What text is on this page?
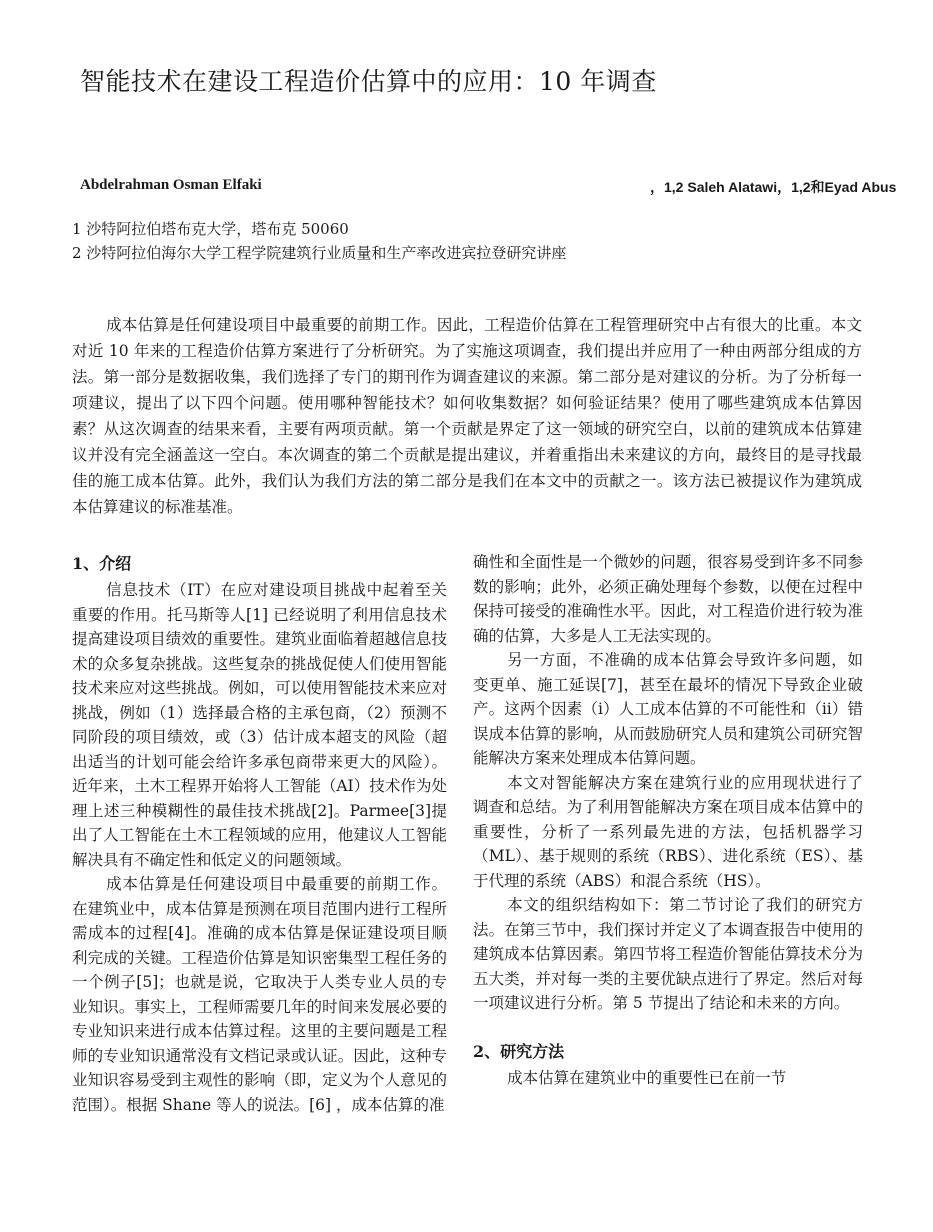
智能技术在建设工程造价估算中的应用：10 年调查
Abdelrahman Osman Elfaki	，1,2 Saleh Alatawi，1,2和Eyad Abus
1 沙特阿拉伯塔布克大学，塔布克 50060
2 沙特阿拉伯海尔大学工程学院建筑行业质量和生产率改进宾拉登研究讲座

成本估算是任何建设项目中最重要的前期工作。因此，工程造价估算在工程管理研究中占有很大的比重。本文对近 10 年来的工程造价估算方案进行了分析研究。为了实施这项调查，我们提出并应用了一种由两部分组成的方法。第一部分是数据收集，我们选择了专门的期刊作为调查建议的来源。第二部分是对建议的分析。为了分析每一项建议，提出了以下四个问题。使用哪种智能技术？如何收集数据？如何验证结果？使用了哪些建筑成本估算因素？从这次调查的结果来看，主要有两项贡献。第一个贡献是界定了这一领域的研究空白，以前的建筑成本估算建议并没有完全涵盖这一空白。本次调查的第二个贡献是提出建议，并着重指出未来建议的方向，最终目的是寻找最佳的施工成本估算。此外，我们认为我们方法的第二部分是我们在本文中的贡献之一。该方法已被提议作为建筑成本估算建议的标准基准。

1、介绍

信息技术（IT）在应对建设项目挑战中起着至关重要的作用。托马斯等人[1] 已经说明了利用信息技术提高建设项目绩效的重要性。建筑业面临着超越信息技术的众多复杂挑战。这些复杂的挑战促使人们使用智能技术来应对这些挑战。例如，可以使用智能技术来应对挑战，例如（1）选择最合格的主承包商，（2）预测不同阶段的项目绩效，或（3）估计成本超支的风险（超出适当的计划可能会给许多承包商带来更大的风险）。近年来，土木工程界开始将人工智能（AI）技术作为处理上述三种模糊性的最佳技术挑战[2]。Parmee[3]提出了人工智能在土木工程领域的应用，他建议人工智能解决具有不确定性和低定义的问题领域。

成本估算是任何建设项目中最重要的前期工作。在建筑业中，成本估算是预测在项目范围内进行工程所需成本的过程[4]。准确的成本估算是保证建设项目顺利完成的关键。工程造价估算是知识密集型工程任务的一个例子[5]；也就是说，它取决于人类专业人员的专业知识。事实上，工程师需要几年的时间来发展必要的专业知识来进行成本估算过程。这里的主要问题是工程师的专业知识通常没有文档记录或认证。因此，这种专业知识容易受到主观性的影响（即，定义为个人意见的范围）。根据 Shane 等人的说法。[6] ，成本估算的准

确性和全面性是一个微妙的问题，很容易受到许多不同参数的影响；此外，必须正确处理每个参数，以便在过程中保持可接受的准确性水平。因此，对工程造价进行较为准确的估算，大多是人工无法实现的。

另一方面，不准确的成本估算会导致许多问题，如变更单、施工延误[7]，甚至在最坏的情况下导致企业破产。这两个因素（i）人工成本估算的不可能性和（ii）错误成本估算的影响，从而鼓励研究人员和建筑公司研究智能解决方案来处理成本估算问题。

本文对智能解决方案在建筑行业的应用现状进行了调查和总结。为了利用智能解决方案在项目成本估算中的重要性，分析了一系列最先进的方法，包括机器学习（ML）、基于规则的系统（RBS）、进化系统（ES）、基于代理的系统（ABS）和混合系统（HS）。

本文的组织结构如下：第二节讨论了我们的研究方法。在第三节中，我们探讨并定义了本调查报告中使用的建筑成本估算因素。第四节将工程造价智能估算技术分为五大类，并对每一类的主要优缺点进行了界定。然后对每一项建议进行分析。第 5 节提出了结论和未来的方向。

2、研究方法

成本估算在建筑业中的重要性已在前一节
